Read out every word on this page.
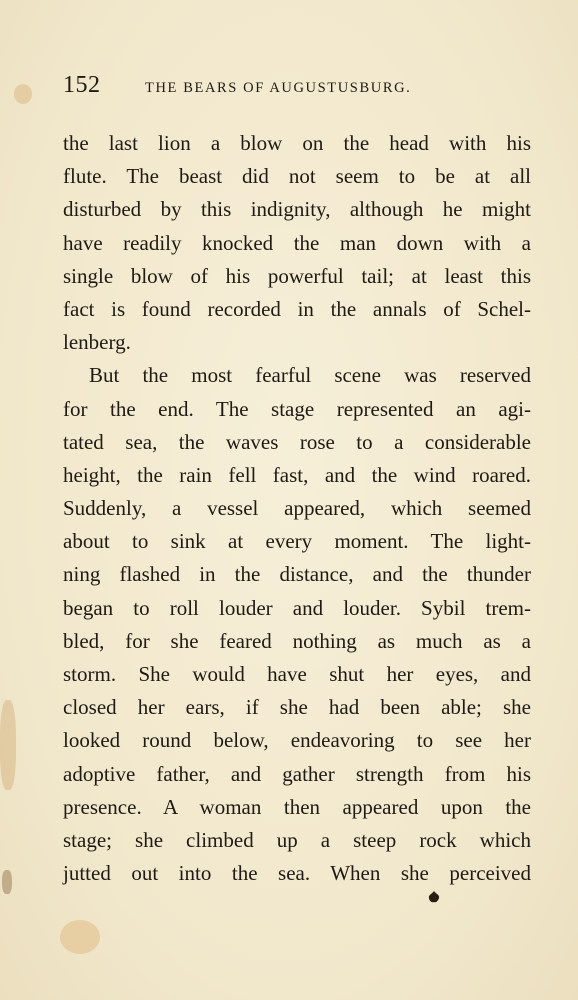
152	THE BEARS OF AUGUSTUSBURG.
the last lion a blow on the head with his
flute. The beast did not seem to be at all
disturbed by this indignity, although he might
have readily knocked the man down with a
single blow of his powerful tail; at least this
fact is found recorded in the annals of Schel-
lenberg.
But the most fearful scene was reserved
for the end. The stage represented an agi-
tated sea, the waves rose to a considerable
height, the rain fell fast, and the wind roared.
Suddenly, a vessel appeared, which seemed
about to sink at every moment. The light-
ning flashed in the distance, and the thunder
began to roll louder and louder. Sybil trem-
bled, for she feared nothing as much as a
storm. She would have shut her eyes, and
closed her ears, if she had been able; she
looked round below, endeavoring to see her
adoptive father, and gather strength from his
presence. A woman then appeared upon the
stage; she climbed up a steep rock which
jutted out into the sea. When she perceived
